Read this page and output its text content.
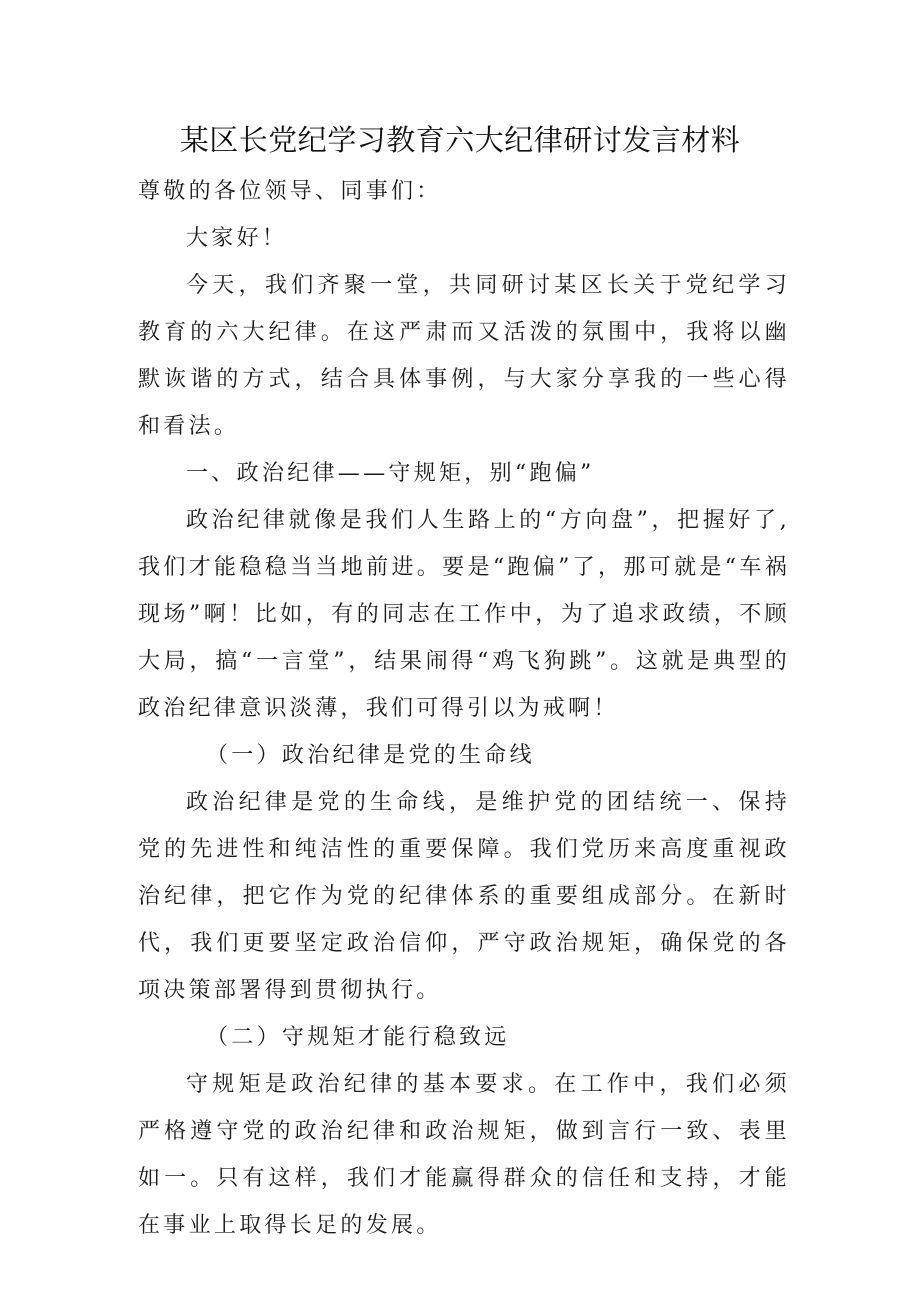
某区长党纪学习教育六大纪律研讨发言材料

尊敬的各位领导、同事们：

大家好！

今天，我们齐聚一堂，共同研讨某区长关于党纪学习教育的六大纪律。在这严肃而又活泼的氛围中，我将以幽默诙谐的方式，结合具体事例，与大家分享我的一些心得和看法。

一、政治纪律——守规矩，别“跑偏”

政治纪律就像是我们人生路上的“方向盘”，把握好了,我们才能稳稳当当地前进。要是“跑偏”了，那可就是“车祸现场”啊！比如，有的同志在工作中，为了追求政绩，不顾大局，搞“一言堂”，结果闹得“鸡飞狗跳”。这就是典型的政治纪律意识淡薄，我们可得引以为戒啊！

（一）政治纪律是党的生命线

政治纪律是党的生命线，是维护党的团结统一、保持党的先进性和纯洁性的重要保障。我们党历来高度重视政治纪律，把它作为党的纪律体系的重要组成部分。在新时代，我们更要坚定政治信仰，严守政治规矩，确保党的各项决策部署得到贯彻执行。

（二）守规矩才能行稳致远

守规矩是政治纪律的基本要求。在工作中，我们必须严格遵守党的政治纪律和政治规矩，做到言行一致、表里如一。只有这样，我们才能赢得群众的信任和支持，才能在事业上取得长足的发展。
